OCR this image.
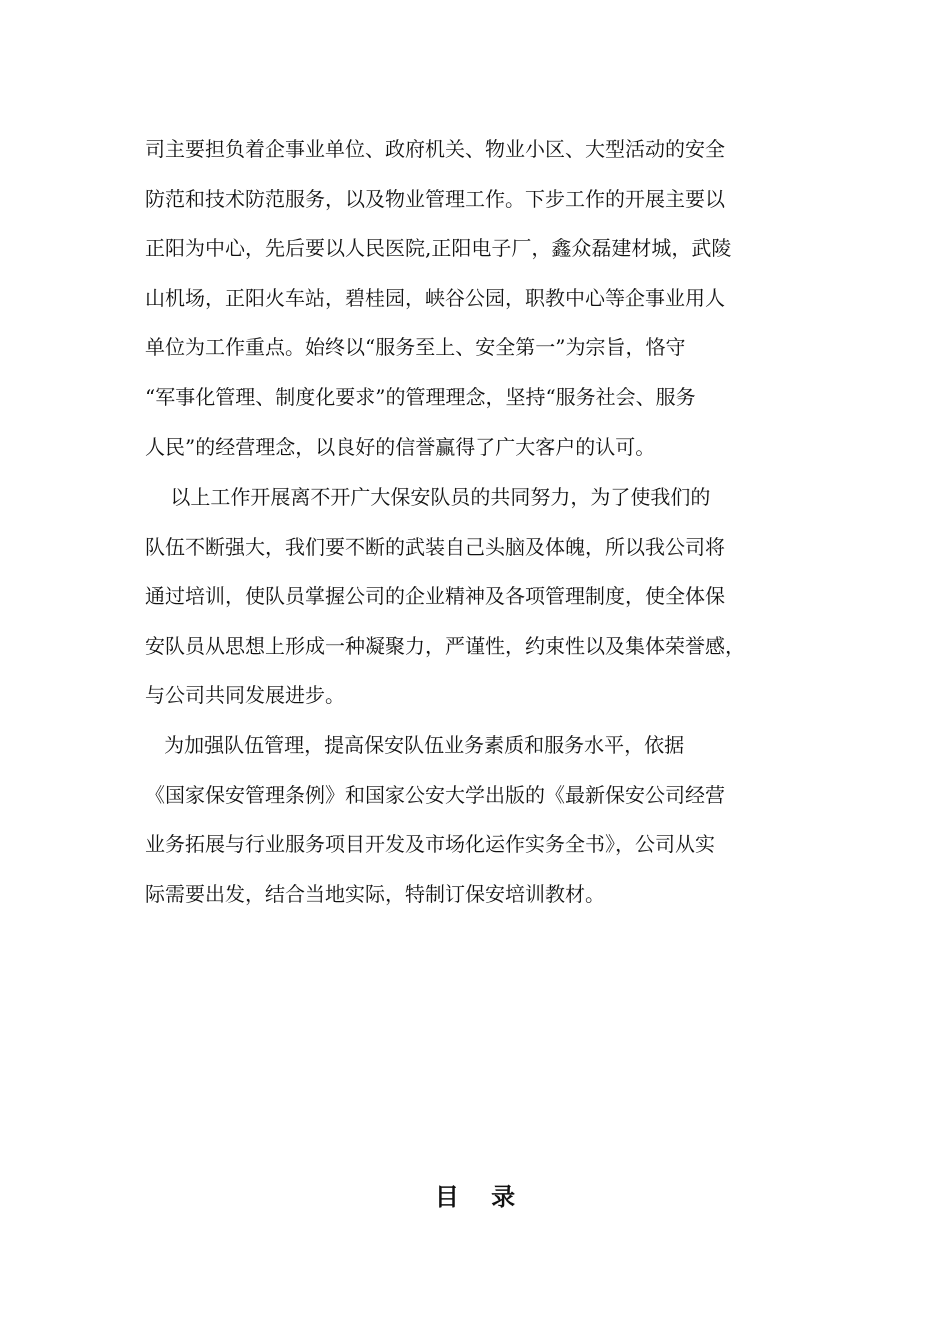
司主要担负着企事业单位、政府机关、物业小区、大型活动的安全
防范和技术防范服务，以及物业管理工作。下步工作的开展主要以
正阳为中心，先后要以人民医院,正阳电子厂，鑫众磊建材城，武陵
山机场，正阳火车站，碧桂园，峡谷公园，职教中心等企事业用人
单位为工作重点。始终以“服务至上、安全第一”为宗旨，恪守
“军事化管理、制度化要求”的管理理念，坚持“服务社会、服务
人民”的经营理念，以良好的信誉赢得了广大客户的认可。
以上工作开展离不开广大保安队员的共同努力，为了使我们的
队伍不断强大，我们要不断的武装自己头脑及体魄，所以我公司将
通过培训，使队员掌握公司的企业精神及各项管理制度，使全体保
安队员从思想上形成一种凝聚力，严谨性，约束性以及集体荣誉感，
与公司共同发展进步。
为加强队伍管理，提高保安队伍业务素质和服务水平，依据
《国家保安管理条例》和国家公安大学出版的《最新保安公司经营
业务拓展与行业服务项目开发及市场化运作实务全书》，公司从实
际需要出发，结合当地实际，特制订保安培训教材。
目 录
